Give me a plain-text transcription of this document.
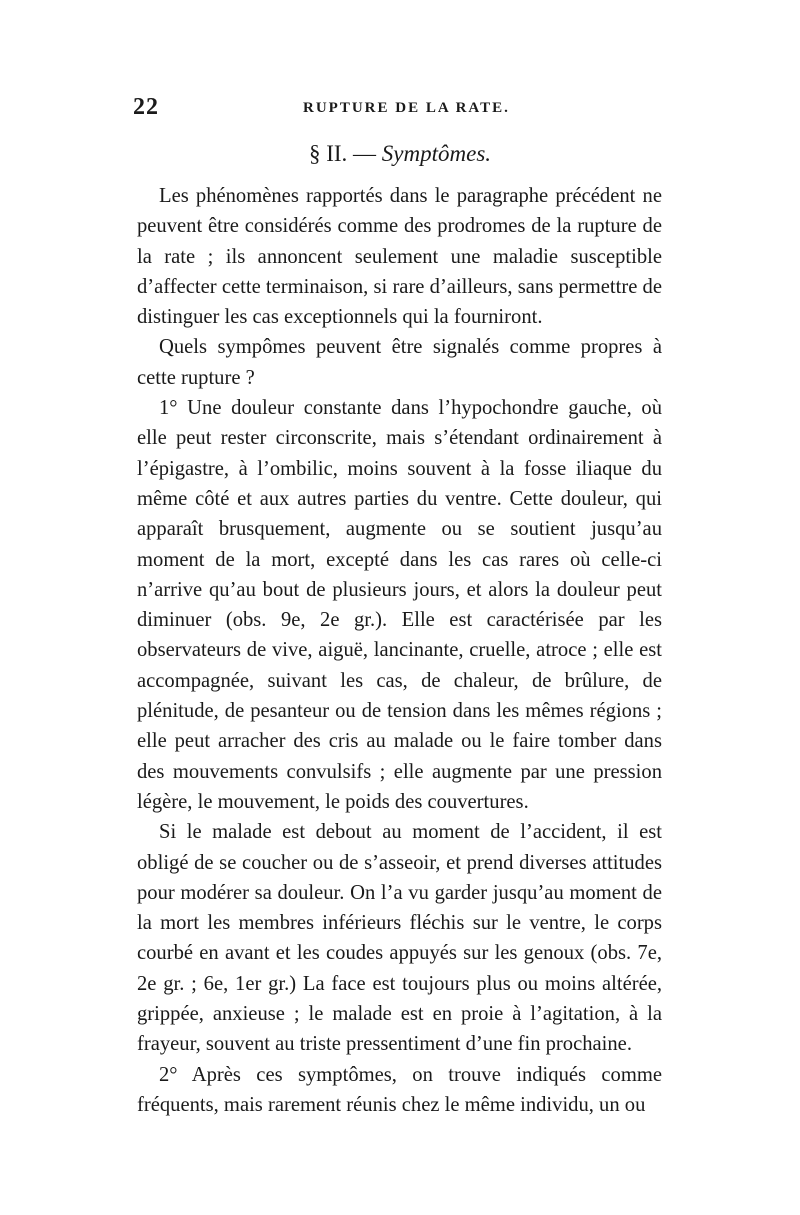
22	RUPTURE DE LA RATE.
§ II. — Symptômes.

Les phénomènes rapportés dans le paragraphe précédent ne peuvent être considérés comme des prodromes de la rupture de la rate ; ils annoncent seulement une maladie susceptible d’affecter cette terminaison, si rare d’ailleurs, sans permettre de distinguer les cas exceptionnels qui la fourniront.

Quels sympômes peuvent être signalés comme propres à cette rupture ?

1° Une douleur constante dans l’hypochondre gauche, où elle peut rester circonscrite, mais s’étendant ordinairement à l’épigastre, à l’ombilic, moins souvent à la fosse iliaque du même côté et aux autres parties du ventre. Cette douleur, qui apparaît brusquement, augmente ou se soutient jusqu’au moment de la mort, excepté dans les cas rares où celle-ci n’arrive qu’au bout de plusieurs jours, et alors la douleur peut diminuer (obs. 9e, 2e gr.). Elle est caractérisée par les observateurs de vive, aiguë, lancinante, cruelle, atroce ; elle est accompagnée, suivant les cas, de chaleur, de brûlure, de plénitude, de pesanteur ou de tension dans les mêmes régions ; elle peut arracher des cris au malade ou le faire tomber dans des mouvements convulsifs ; elle augmente par une pression légère, le mouvement, le poids des couvertures.

Si le malade est debout au moment de l’accident, il est obligé de se coucher ou de s’asseoir, et prend diverses attitudes pour modérer sa douleur. On l’a vu garder jusqu’au moment de la mort les membres inférieurs fléchis sur le ventre, le corps courbé en avant et les coudes appuyés sur les genoux (obs. 7e, 2e gr. ; 6e, 1er gr.) La face est toujours plus ou moins altérée, grippée, anxieuse ; le malade est en proie à l’agitation, à la frayeur, souvent au triste pressentiment d’une fin prochaine.

2° Après ces symptômes, on trouve indiqués comme fréquents, mais rarement réunis chez le même individu, un ou
